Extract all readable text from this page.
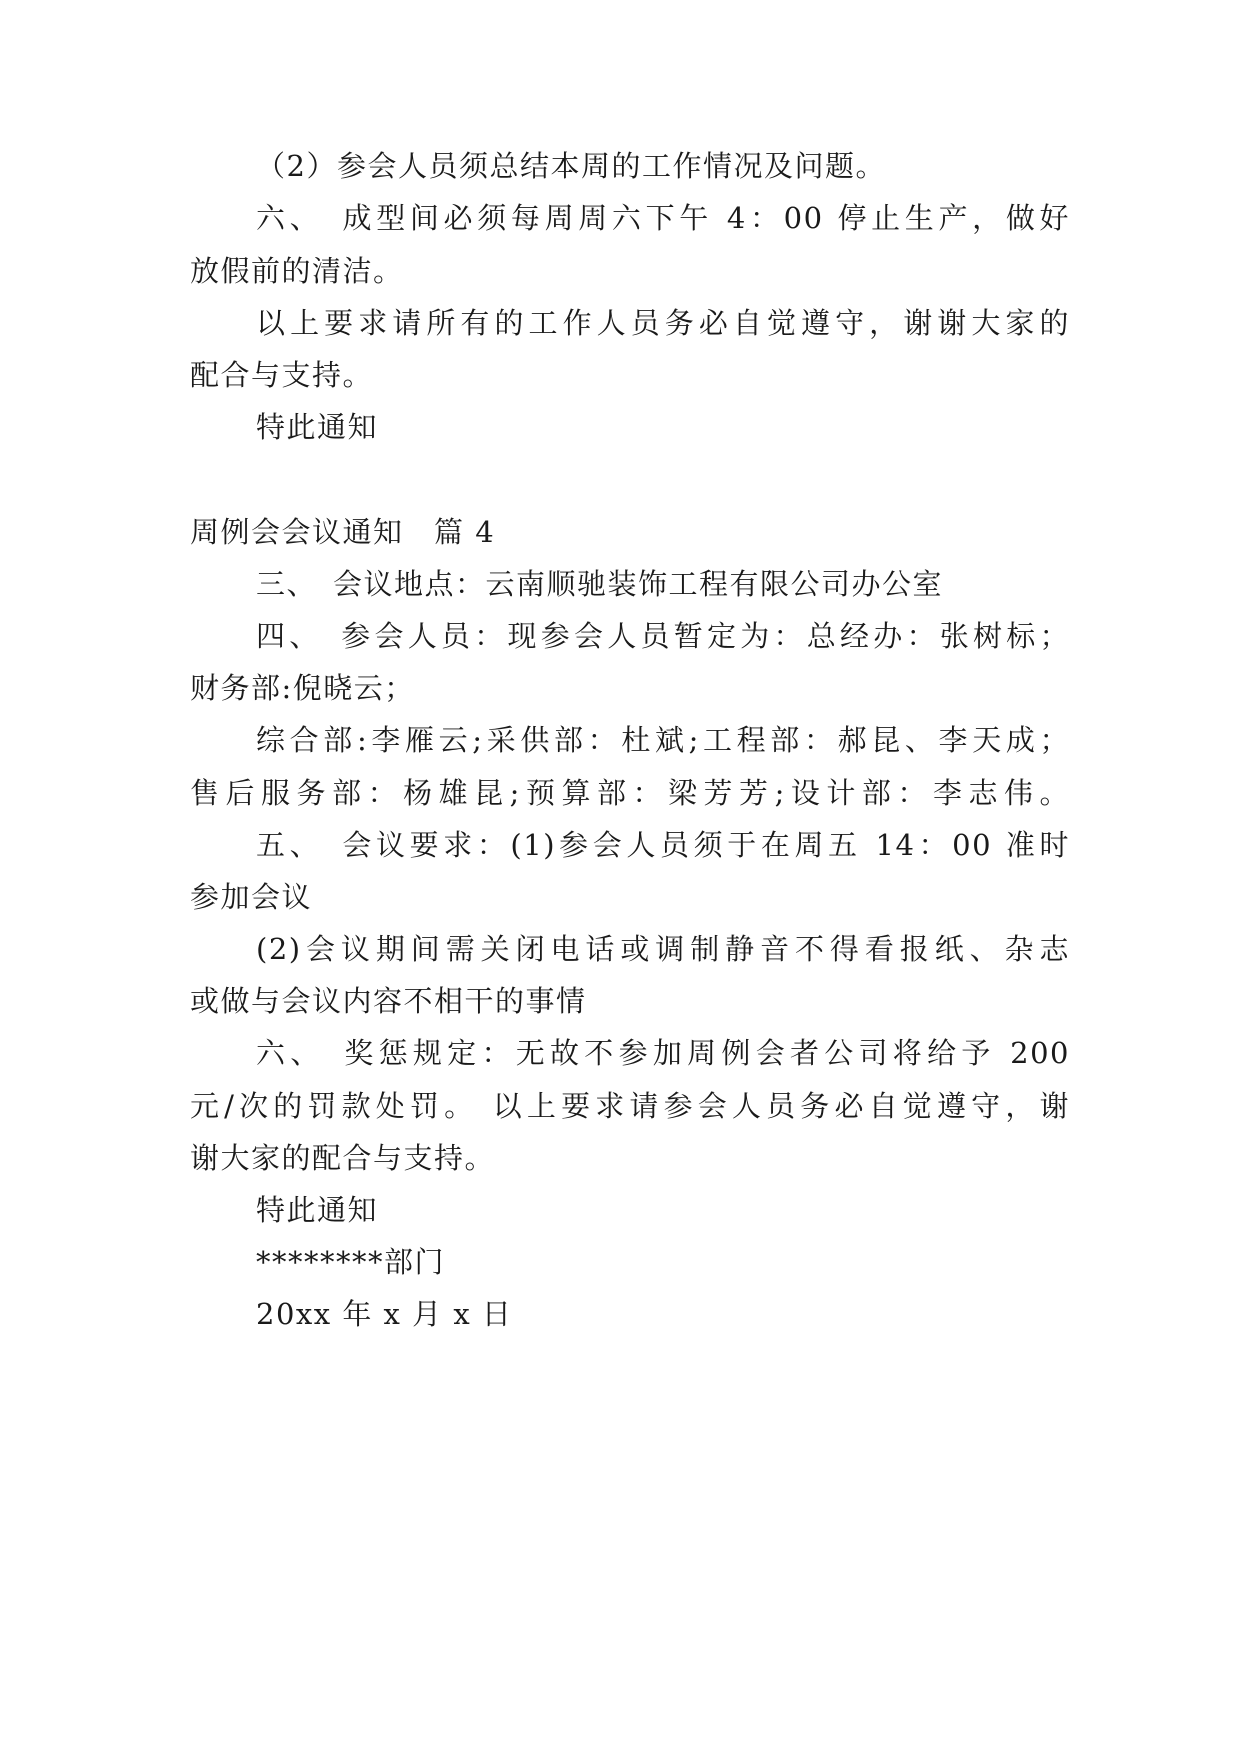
（2）参会人员须总结本周的工作情况及问题。
六、　成型间必须每周周六下午 4：00 停止生产，做好
放假前的清洁。
以上要求请所有的工作人员务必自觉遵守，谢谢大家的
配合与支持。
特此通知
周例会会议通知　篇 4
三、　会议地点：云南顺驰装饰工程有限公司办公室
四、　参会人员：现参会人员暂定为：总经办：张树标；
财务部:倪晓云；
综合部:李雁云;采供部：杜斌;工程部：郝昆、李天成；
售后服务部：杨雄昆;预算部：梁芳芳;设计部：李志伟。
五、　会议要求：(1)参会人员须于在周五 14：00 准时
参加会议
(2)会议期间需关闭电话或调制静音不得看报纸、杂志
或做与会议内容不相干的事情
六、　奖惩规定：无故不参加周例会者公司将给予 200
元/次的罚款处罚。 以上要求请参会人员务必自觉遵守，谢
谢大家的配合与支持。
特此通知
********部门
20xx 年 x 月 x 日
